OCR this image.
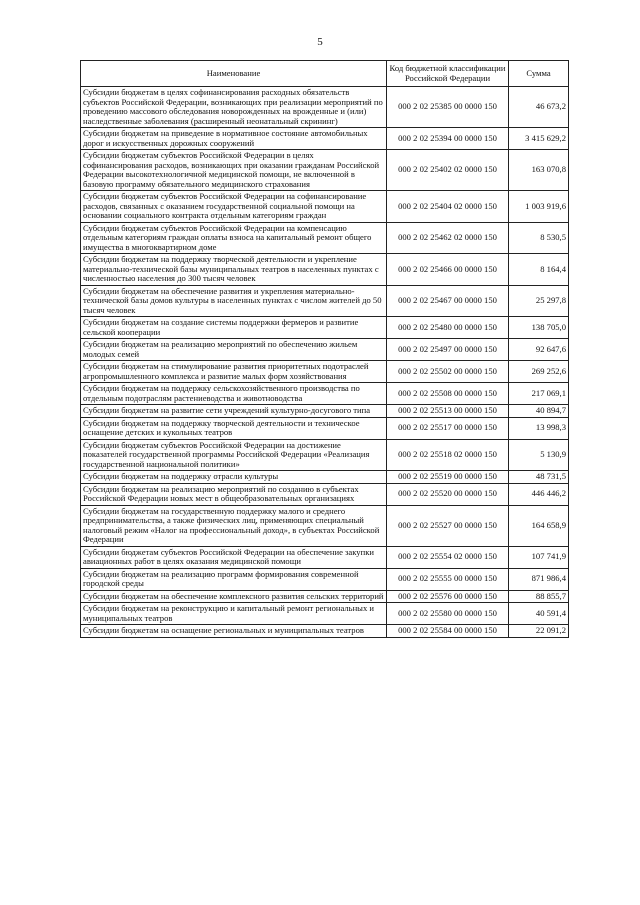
5
Наименование	Код бюджетной классификации Российской Федерации	Сумма
Субсидии бюджетам в целях софинансирования расходных обязательств субъектов Российской Федерации, возникающих при реализации мероприятий по проведению массового обследования новорожденных на врожденные и (или) наследственные заболевания (расширенный неонатальный скрининг)	000 2 02 25385 00 0000 150	46 673,2
Субсидии бюджетам на приведение в нормативное состояние автомобильных дорог и искусственных дорожных сооружений	000 2 02 25394 00 0000 150	3 415 629,2
Субсидии бюджетам субъектов Российской Федерации в целях софинансирования расходов, возникающих при оказании гражданам Российской Федерации высокотехнологичной медицинской помощи, не включенной в базовую программу обязательного медицинского страхования	000 2 02 25402 02 0000 150	163 070,8
Субсидии бюджетам субъектов Российской Федерации на софинансирование расходов, связанных с оказанием государственной социальной помощи на основании социального контракта отдельным категориям граждан	000 2 02 25404 02 0000 150	1 003 919,6
Субсидии бюджетам субъектов Российской Федерации на компенсацию отдельным категориям граждан оплаты взноса на капитальный ремонт общего имущества в многоквартирном доме	000 2 02 25462 02 0000 150	8 530,5
Субсидии бюджетам на поддержку творческой деятельности и укрепление материально-технической базы муниципальных театров в населенных пунктах с численностью населения до 300 тысяч человек	000 2 02 25466 00 0000 150	8 164,4
Субсидии бюджетам на обеспечение развития и укрепления материально-технической базы домов культуры в населенных пунктах с числом жителей до 50 тысяч человек	000 2 02 25467 00 0000 150	25 297,8
Субсидии бюджетам на создание системы поддержки фермеров и развитие сельской кооперации	000 2 02 25480 00 0000 150	138 705,0
Субсидии бюджетам на реализацию мероприятий по обеспечению жильем молодых семей	000 2 02 25497 00 0000 150	92 647,6
Субсидии бюджетам на стимулирование развития приоритетных подотраслей агропромышленного комплекса и развитие малых форм хозяйствования	000 2 02 25502 00 0000 150	269 252,6
Субсидии бюджетам на поддержку сельскохозяйственного производства по отдельным подотраслям растениеводства и животноводства	000 2 02 25508 00 0000 150	217 069,1
Субсидии бюджетам на развитие сети учреждений культурно-досугового типа	000 2 02 25513 00 0000 150	40 894,7
Субсидии бюджетам на поддержку творческой деятельности и техническое оснащение детских и кукольных театров	000 2 02 25517 00 0000 150	13 998,3
Субсидии бюджетам субъектов Российской Федерации на достижение показателей государственной программы Российской Федерации «Реализация государственной национальной политики»	000 2 02 25518 02 0000 150	5 130,9
Субсидии бюджетам на поддержку отрасли культуры	000 2 02 25519 00 0000 150	48 731,5
Субсидии бюджетам на реализацию мероприятий по созданию в субъектах Российской Федерации новых мест в общеобразовательных организациях	000 2 02 25520 00 0000 150	446 446,2
Субсидии бюджетам на государственную поддержку малого и среднего предпринимательства, а также физических лиц, применяющих специальный налоговый режим «Налог на профессиональный доход», в субъектах Российской Федерации	000 2 02 25527 00 0000 150	164 658,9
Субсидии бюджетам субъектов Российской Федерации на обеспечение закупки авиационных работ в целях оказания медицинской помощи	000 2 02 25554 02 0000 150	107 741,9
Субсидии бюджетам на реализацию программ формирования современной городской среды	000 2 02 25555 00 0000 150	871 986,4
Субсидии бюджетам на обеспечение комплексного развития сельских территорий	000 2 02 25576 00 0000 150	88 855,7
Субсидии бюджетам на реконструкцию и капитальный ремонт региональных и муниципальных театров	000 2 02 25580 00 0000 150	40 591,4
Субсидии бюджетам на оснащение региональных и муниципальных театров	000 2 02 25584 00 0000 150	22 091,2
